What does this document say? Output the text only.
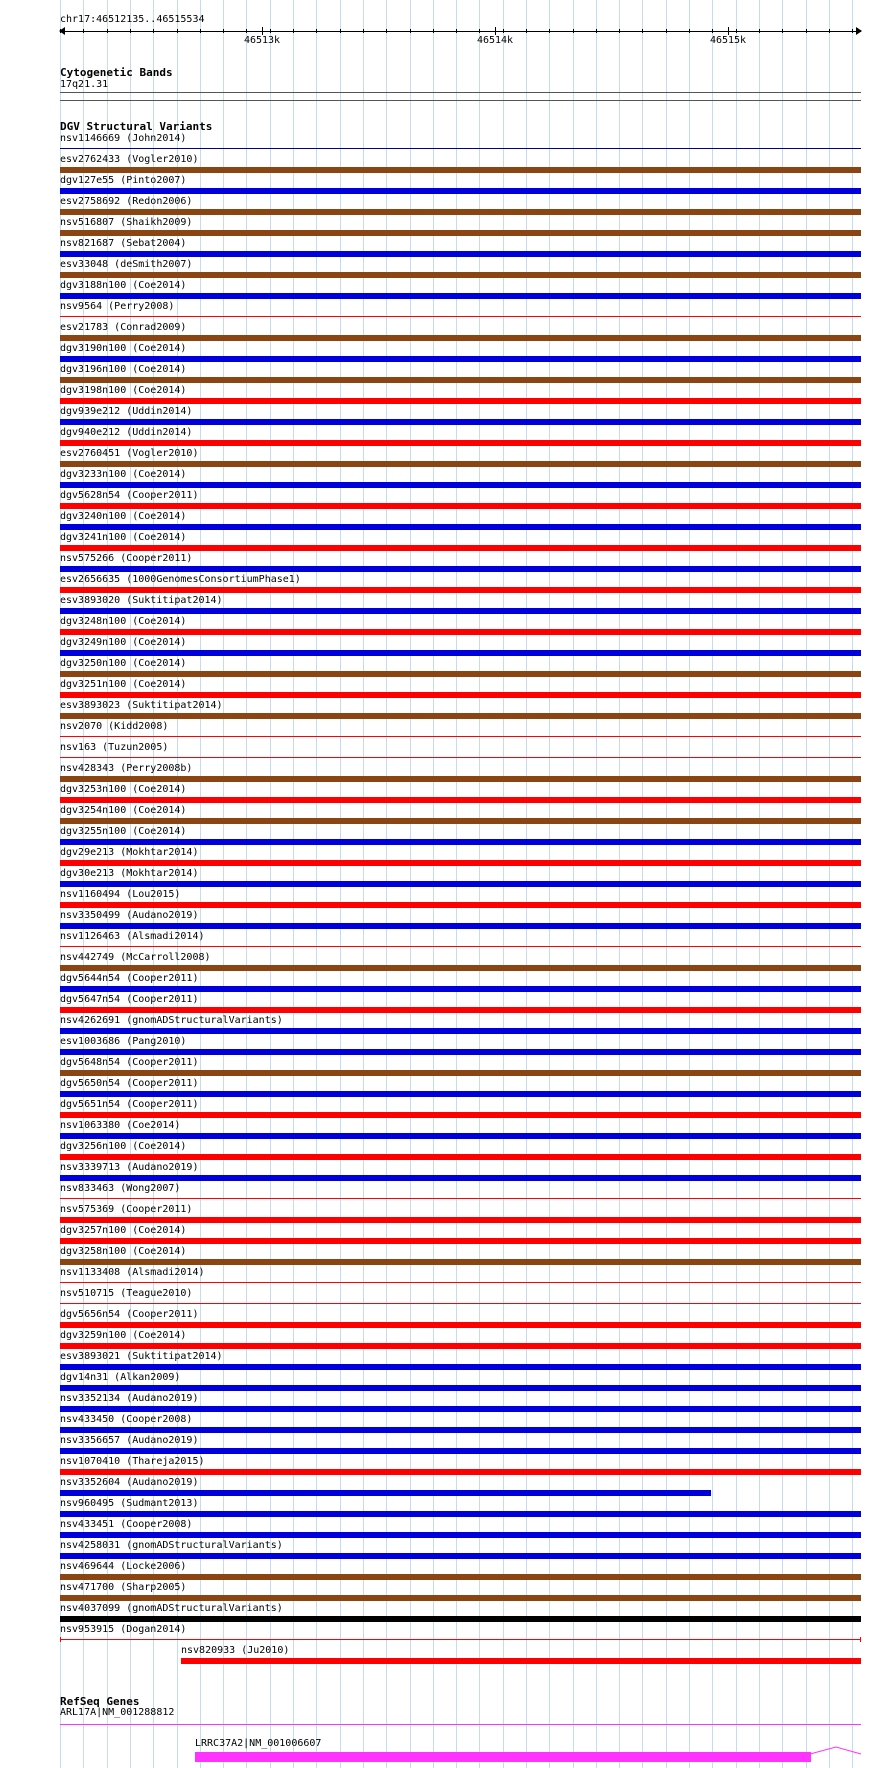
chr17:46512135..46515534
46513k	46514k	46515k
Cytogenetic Bands
17q21.31
DGV Structural Variants
nsv1146669 (John2014)
esv2762433 (Vogler2010)
dgv127e55 (Pinto2007)
esv2758692 (Redon2006)
nsv516807 (Shaikh2009)
nsv821687 (Sebat2004)
esv33048 (deSmith2007)
dgv3188n100 (Coe2014)
nsv9564 (Perry2008)
esv21783 (Conrad2009)
dgv3190n100 (Coe2014)
dgv3196n100 (Coe2014)
dgv3198n100 (Coe2014)
dgv939e212 (Uddin2014)
dgv940e212 (Uddin2014)
esv2760451 (Vogler2010)
dgv3233n100 (Coe2014)
dgv5628n54 (Cooper2011)
dgv3240n100 (Coe2014)
dgv3241n100 (Coe2014)
nsv575266 (Cooper2011)
esv2656635 (1000GenomesConsortiumPhase1)
esv3893020 (Suktitipat2014)
dgv3248n100 (Coe2014)
dgv3249n100 (Coe2014)
dgv3250n100 (Coe2014)
dgv3251n100 (Coe2014)
esv3893023 (Suktitipat2014)
nsv2070 (Kidd2008)
nsv163 (Tuzun2005)
nsv428343 (Perry2008b)
dgv3253n100 (Coe2014)
dgv3254n100 (Coe2014)
dgv3255n100 (Coe2014)
dgv29e213 (Mokhtar2014)
dgv30e213 (Mokhtar2014)
nsv1160494 (Lou2015)
nsv3350499 (Audano2019)
nsv1126463 (Alsmadi2014)
nsv442749 (McCarroll2008)
dgv5644n54 (Cooper2011)
dgv5647n54 (Cooper2011)
nsv4262691 (gnomADStructuralVariants)
esv1003686 (Pang2010)
dgv5648n54 (Cooper2011)
dgv5650n54 (Cooper2011)
dgv5651n54 (Cooper2011)
nsv1063380 (Coe2014)
dgv3256n100 (Coe2014)
nsv3339713 (Audano2019)
nsv833463 (Wong2007)
nsv575369 (Cooper2011)
dgv3257n100 (Coe2014)
dgv3258n100 (Coe2014)
nsv1133408 (Alsmadi2014)
nsv510715 (Teague2010)
dgv5656n54 (Cooper2011)
dgv3259n100 (Coe2014)
esv3893021 (Suktitipat2014)
dgv14n31 (Alkan2009)
nsv3352134 (Audano2019)
nsv433450 (Cooper2008)
nsv3356657 (Audano2019)
nsv1070410 (Thareja2015)
nsv3352604 (Audano2019)
nsv960495 (Sudmant2013)
nsv433451 (Cooper2008)
nsv4258031 (gnomADStructuralVariants)
nsv469644 (Locke2006)
nsv471700 (Sharp2005)
nsv4037099 (gnomADStructuralVariants)
nsv953915 (Dogan2014)
nsv820933 (Ju2010)
RefSeq Genes
ARL17A|NM_001288812
LRRC37A2|NM_001006607
